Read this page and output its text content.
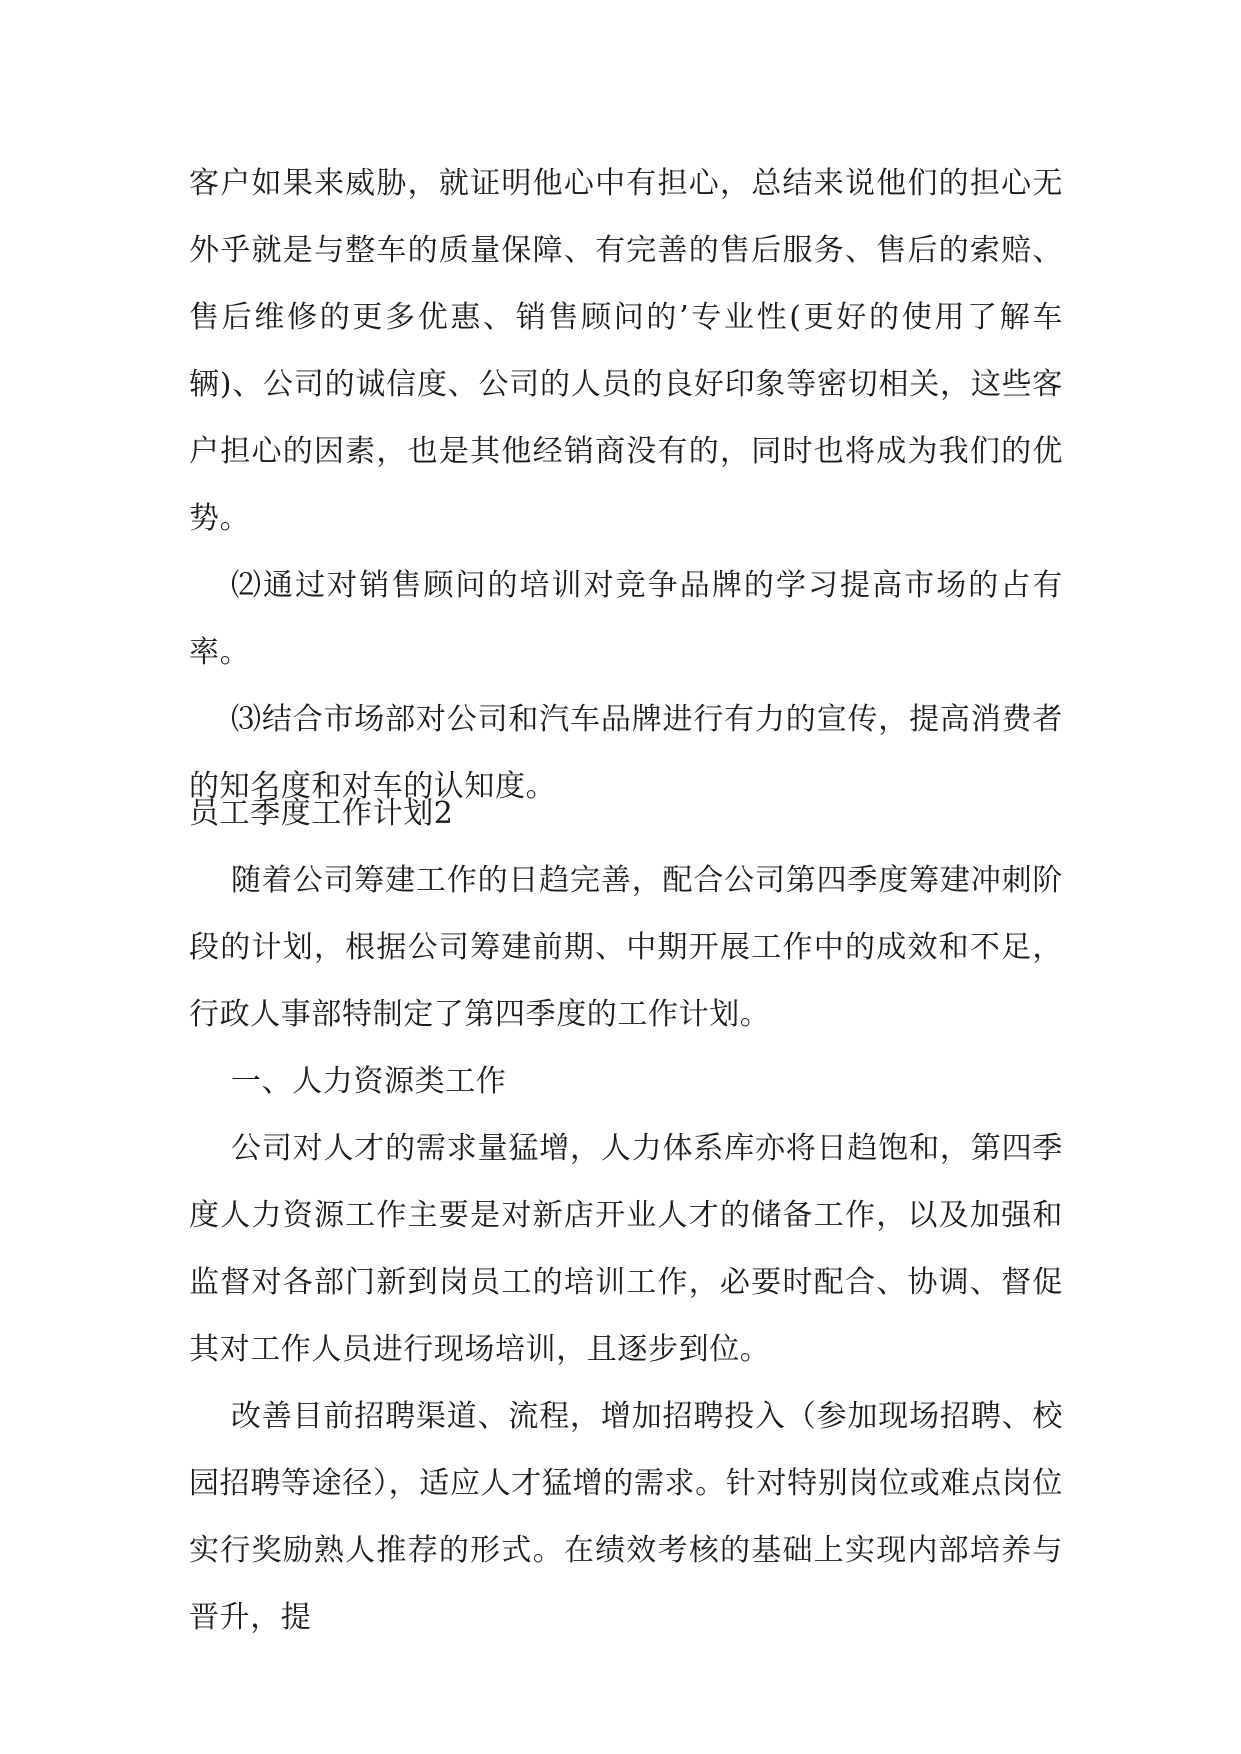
客户如果来威胁，就证明他心中有担心，总结来说他们的担心无外乎就是与整车的质量保障、有完善的售后服务、售后的索赔、售后维修的更多优惠、销售顾问的’专业性(更好的使用了解车辆)、公司的诚信度、公司的人员的良好印象等密切相关，这些客户担心的因素，也是其他经销商没有的，同时也将成为我们的优势。

⑵通过对销售顾问的培训对竞争品牌的学习提高市场的占有率。

⑶结合市场部对公司和汽车品牌进行有力的宣传，提高消费者的知名度和对车的认知度。

员工季度工作计划2

随着公司筹建工作的日趋完善，配合公司第四季度筹建冲刺阶段的计划，根据公司筹建前期、中期开展工作中的成效和不足，行政人事部特制定了第四季度的工作计划。

一、人力资源类工作

公司对人才的需求量猛增，人力体系库亦将日趋饱和，第四季度人力资源工作主要是对新店开业人才的储备工作，以及加强和监督对各部门新到岗员工的培训工作，必要时配合、协调、督促其对工作人员进行现场培训，且逐步到位。

改善目前招聘渠道、流程，增加招聘投入（参加现场招聘、校园招聘等途径），适应人才猛增的需求。针对特别岗位或难点岗位实行奖励熟人推荐的形式。在绩效考核的基础上实现内部培养与晋升，提
